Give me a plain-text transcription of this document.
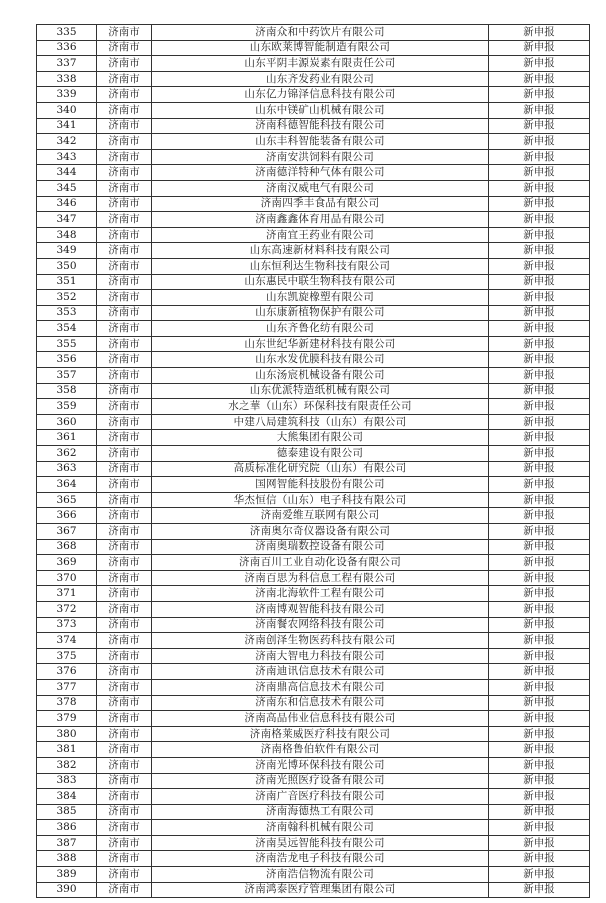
335	济南市	济南众和中药饮片有限公司	新申报
336	济南市	山东欧莱博智能制造有限公司	新申报
337	济南市	山东平阴丰源炭素有限责任公司	新申报
338	济南市	山东齐发药业有限公司	新申报
339	济南市	山东亿力锦泽信息科技有限公司	新申报
340	济南市	山东中镁矿山机械有限公司	新申报
341	济南市	济南科德智能科技有限公司	新申报
342	济南市	山东丰科智能装备有限公司	新申报
343	济南市	济南安洪饲料有限公司	新申报
344	济南市	济南德洋特种气体有限公司	新申报
345	济南市	济南汉威电气有限公司	新申报
346	济南市	济南四季丰食品有限公司	新申报
347	济南市	济南鑫鑫体育用品有限公司	新申报
348	济南市	济南宜王药业有限公司	新申报
349	济南市	山东高速新材料科技有限公司	新申报
350	济南市	山东恒利达生物科技有限公司	新申报
351	济南市	山东惠民中联生物科技有限公司	新申报
352	济南市	山东凯旋橡塑有限公司	新申报
353	济南市	山东康新植物保护有限公司	新申报
354	济南市	山东齐鲁化纺有限公司	新申报
355	济南市	山东世纪华新建材科技有限公司	新申报
356	济南市	山东水发优膜科技有限公司	新申报
357	济南市	山东汤宸机械设备有限公司	新申报
358	济南市	山东优派特造纸机械有限公司	新申报
359	济南市	水之華（山东）环保科技有限责任公司	新申报
360	济南市	中建八局建筑科技（山东）有限公司	新申报
361	济南市	大熊集团有限公司	新申报
362	济南市	德泰建设有限公司	新申报
363	济南市	高质标准化研究院（山东）有限公司	新申报
364	济南市	国网智能科技股份有限公司	新申报
365	济南市	华杰恒信（山东）电子科技有限公司	新申报
366	济南市	济南爱维互联网有限公司	新申报
367	济南市	济南奥尔奇仪器设备有限公司	新申报
368	济南市	济南奥瑞数控设备有限公司	新申报
369	济南市	济南百川工业自动化设备有限公司	新申报
370	济南市	济南百思为科信息工程有限公司	新申报
371	济南市	济南北海软件工程有限公司	新申报
372	济南市	济南博观智能科技有限公司	新申报
373	济南市	济南餐农网络科技有限公司	新申报
374	济南市	济南创泽生物医药科技有限公司	新申报
375	济南市	济南大智电力科技有限公司	新申报
376	济南市	济南迪讯信息技术有限公司	新申报
377	济南市	济南鼎高信息技术有限公司	新申报
378	济南市	济南东和信息技术有限公司	新申报
379	济南市	济南高品伟业信息科技有限公司	新申报
380	济南市	济南格莱威医疗科技有限公司	新申报
381	济南市	济南格鲁伯软件有限公司	新申报
382	济南市	济南光博环保科技有限公司	新申报
383	济南市	济南光照医疗设备有限公司	新申报
384	济南市	济南广音医疗科技有限公司	新申报
385	济南市	济南海德热工有限公司	新申报
386	济南市	济南翰科机械有限公司	新申报
387	济南市	济南昊远智能科技有限公司	新申报
388	济南市	济南浩龙电子科技有限公司	新申报
389	济南市	济南浩信物流有限公司	新申报
390	济南市	济南鸿泰医疗管理集团有限公司	新申报
